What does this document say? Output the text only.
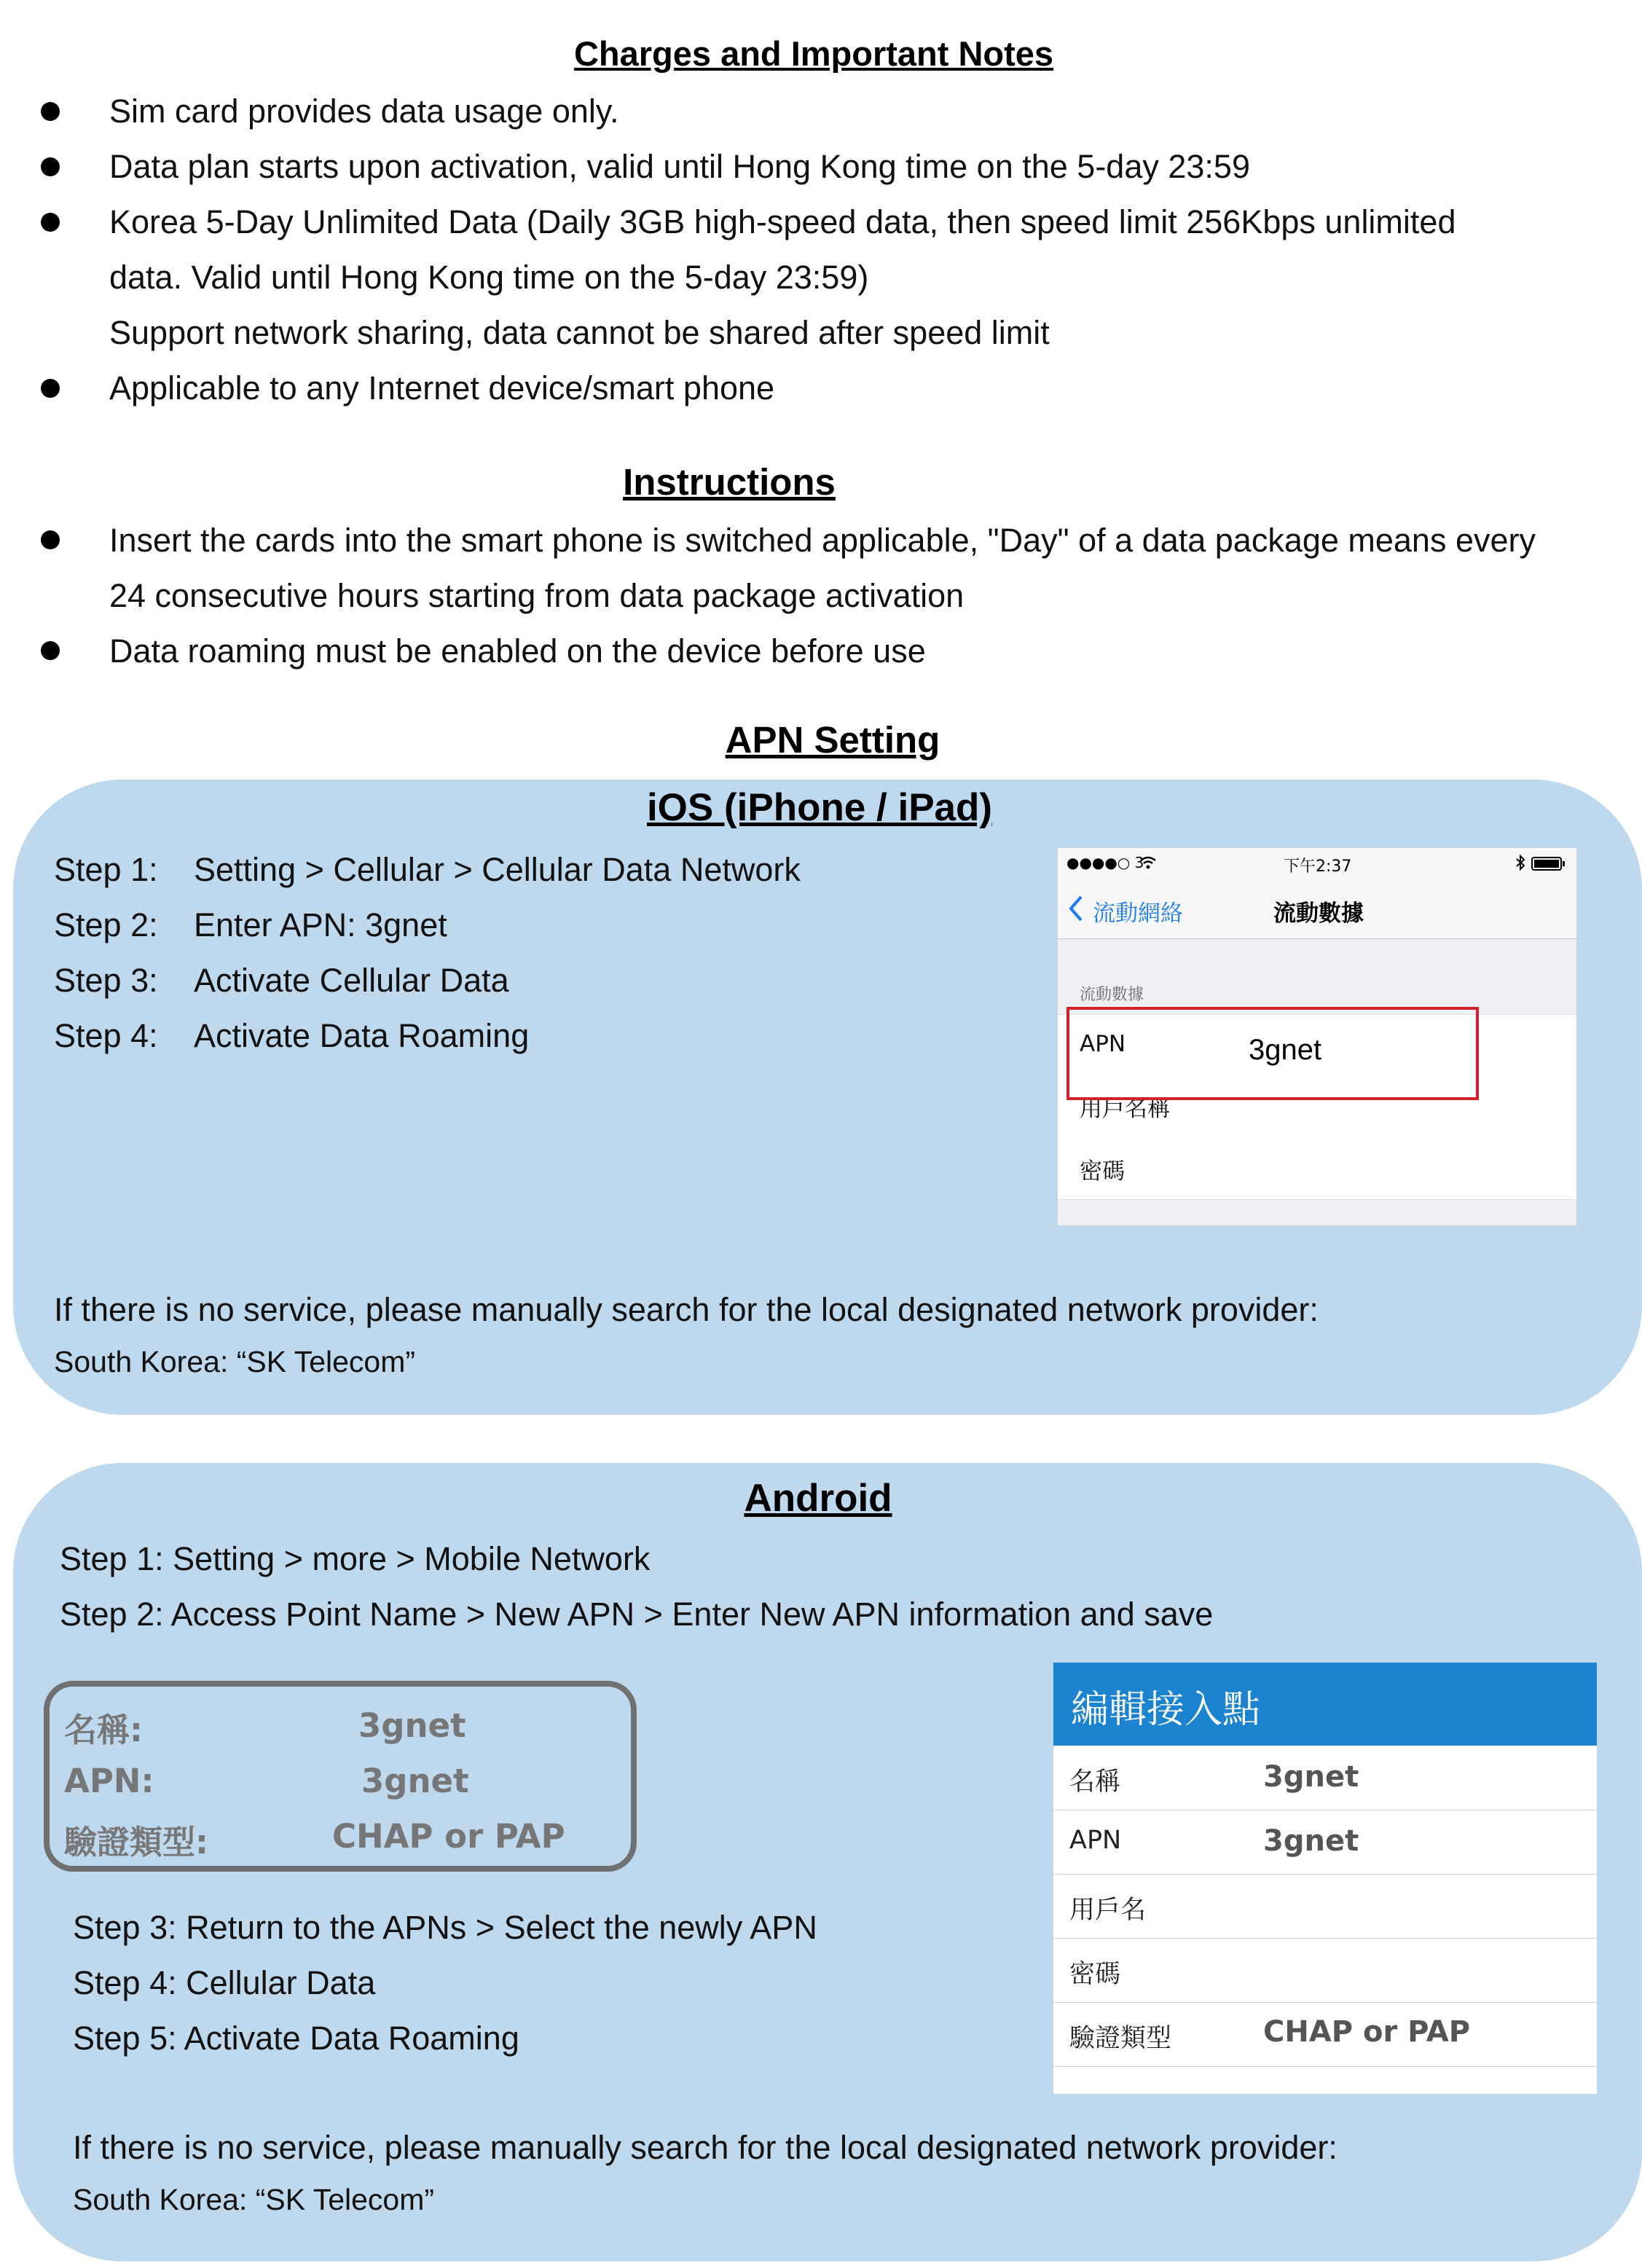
Charges and Important Notes
Sim card provides data usage only.
Data plan starts upon activation, valid until Hong Kong time on the 5-day 23:59
Korea 5-Day Unlimited Data (Daily 3GB high-speed data, then speed limit 256Kbps unlimited
data. Valid until Hong Kong time on the 5-day 23:59)
Support network sharing, data cannot be shared after speed limit
Applicable to any Internet device/smart phone
Instructions
Insert the cards into the smart phone is switched applicable, "Day" of a data package means every
24 consecutive hours starting from data package activation
Data roaming must be enabled on the device before use
APN Setting
iOS (iPhone / iPad)
Step 1: Setting > Cellular > Cellular Data Network
Step 2: Enter APN: 3gnet
Step 3: Activate Cellular Data
Step 4: Activate Data Roaming
●●●●○ 3	下午2:37
流動網絡	流動數據
流動數據
APN	3gnet
用戶名稱
密碼
If there is no service, please manually search for the local designated network provider:
South Korea: “SK Telecom”
Android
Step 1: Setting > more > Mobile Network
Step 2: Access Point Name > New APN > Enter New APN information and save
名稱:	3gnet
APN:	3gnet
驗證類型:	CHAP or PAP
Step 3: Return to the APNs > Select the newly APN
Step 4: Cellular Data
Step 5: Activate Data Roaming
編輯接入點
名稱	3gnet
APN	3gnet
用戶名
密碼
驗證類型	CHAP or PAP
If there is no service, please manually search for the local designated network provider:
South Korea: “SK Telecom”
